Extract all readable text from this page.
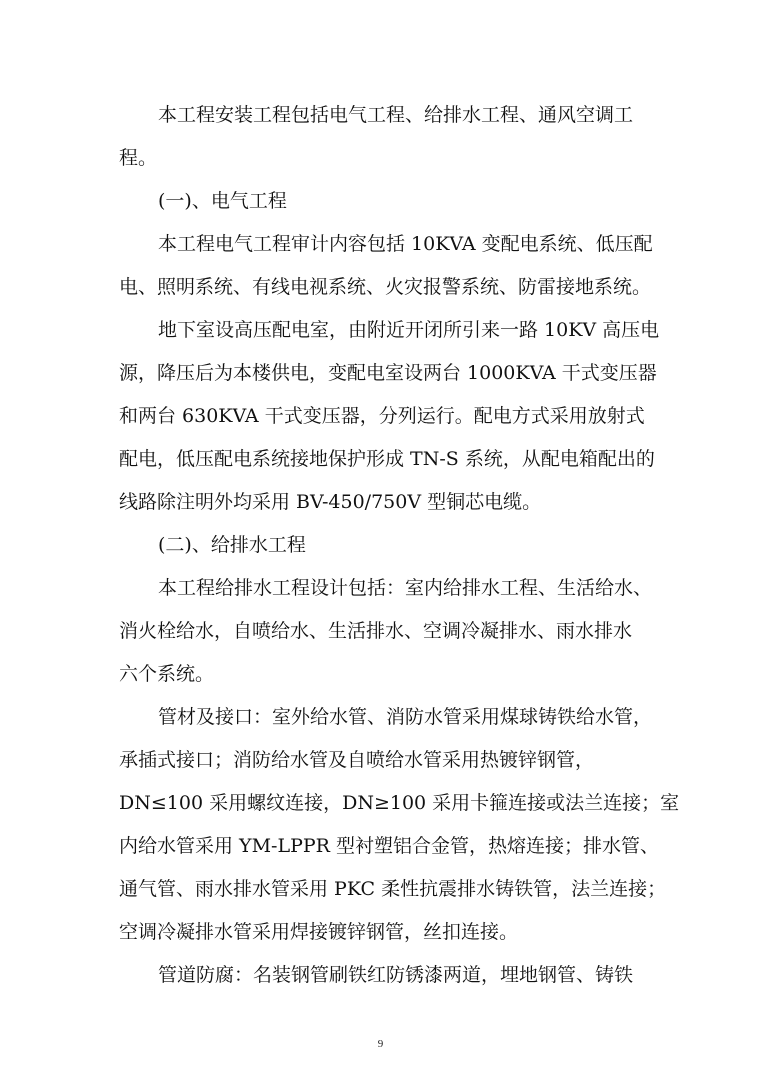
本工程安装工程包括电气工程、给排水工程、通风空调工
程。
(一)、电气工程
本工程电气工程审计内容包括 10KVA 变配电系统、低压配
电、照明系统、有线电视系统、火灾报警系统、防雷接地系统。
地下室设高压配电室，由附近开闭所引来一路 10KV 高压电
源，降压后为本楼供电，变配电室设两台 1000KVA 干式变压器
和两台 630KVA 干式变压器，分列运行。配电方式采用放射式
配电，低压配电系统接地保护形成 TN-S 系统，从配电箱配出的
线路除注明外均采用 BV-450/750V 型铜芯电缆。
(二)、给排水工程
本工程给排水工程设计包括：室内给排水工程、生活给水、
消火栓给水，自喷给水、生活排水、空调冷凝排水、雨水排水
六个系统。
管材及接口：室外给水管、消防水管采用煤球铸铁给水管，
承插式接口；消防给水管及自喷给水管采用热镀锌钢管，
DN≤100 采用螺纹连接，DN≥100 采用卡箍连接或法兰连接；室
内给水管采用 YM-LPPR 型衬塑铝合金管，热熔连接；排水管、
通气管、雨水排水管采用 PKC 柔性抗震排水铸铁管，法兰连接；
空调冷凝排水管采用焊接镀锌钢管，丝扣连接。
管道防腐：名装钢管刷铁红防锈漆两道，埋地钢管、铸铁
9
